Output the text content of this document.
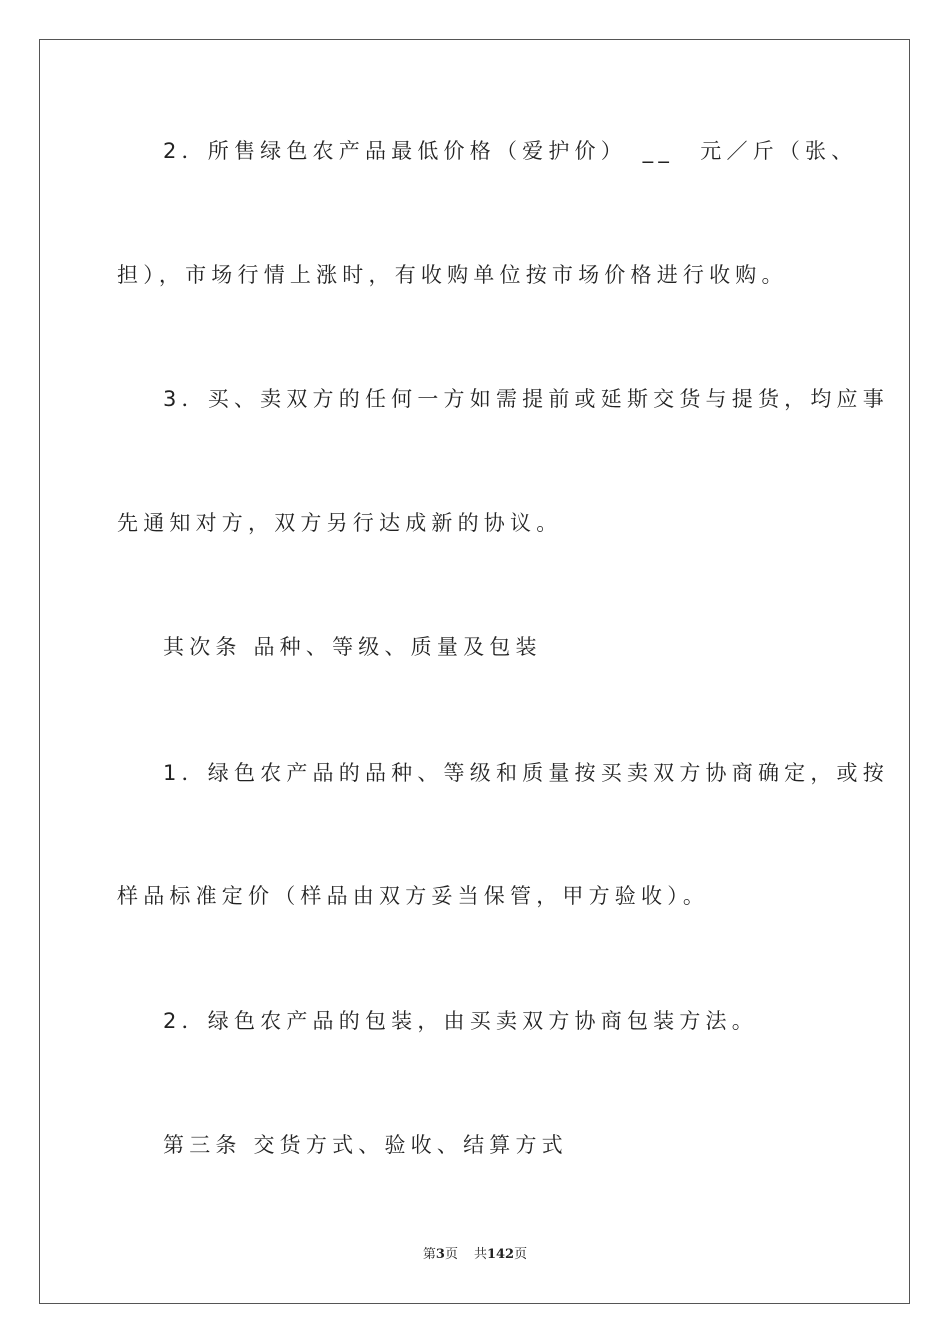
2．所售绿色农产品最低价格（爱护价）　__　元／斤（张、
担），市场行情上涨时，有收购单位按市场价格进行收购。
3．买、卖双方的任何一方如需提前或延斯交货与提货，均应事
先通知对方，双方另行达成新的协议。
其次条 品种、等级、质量及包装
1．绿色农产品的品种、等级和质量按买卖双方协商确定，或按
样品标准定价（样品由双方妥当保管，甲方验收）。
2．绿色农产品的包装，由买卖双方协商包装方法。
第三条 交货方式、验收、结算方式
第3页 共142页
